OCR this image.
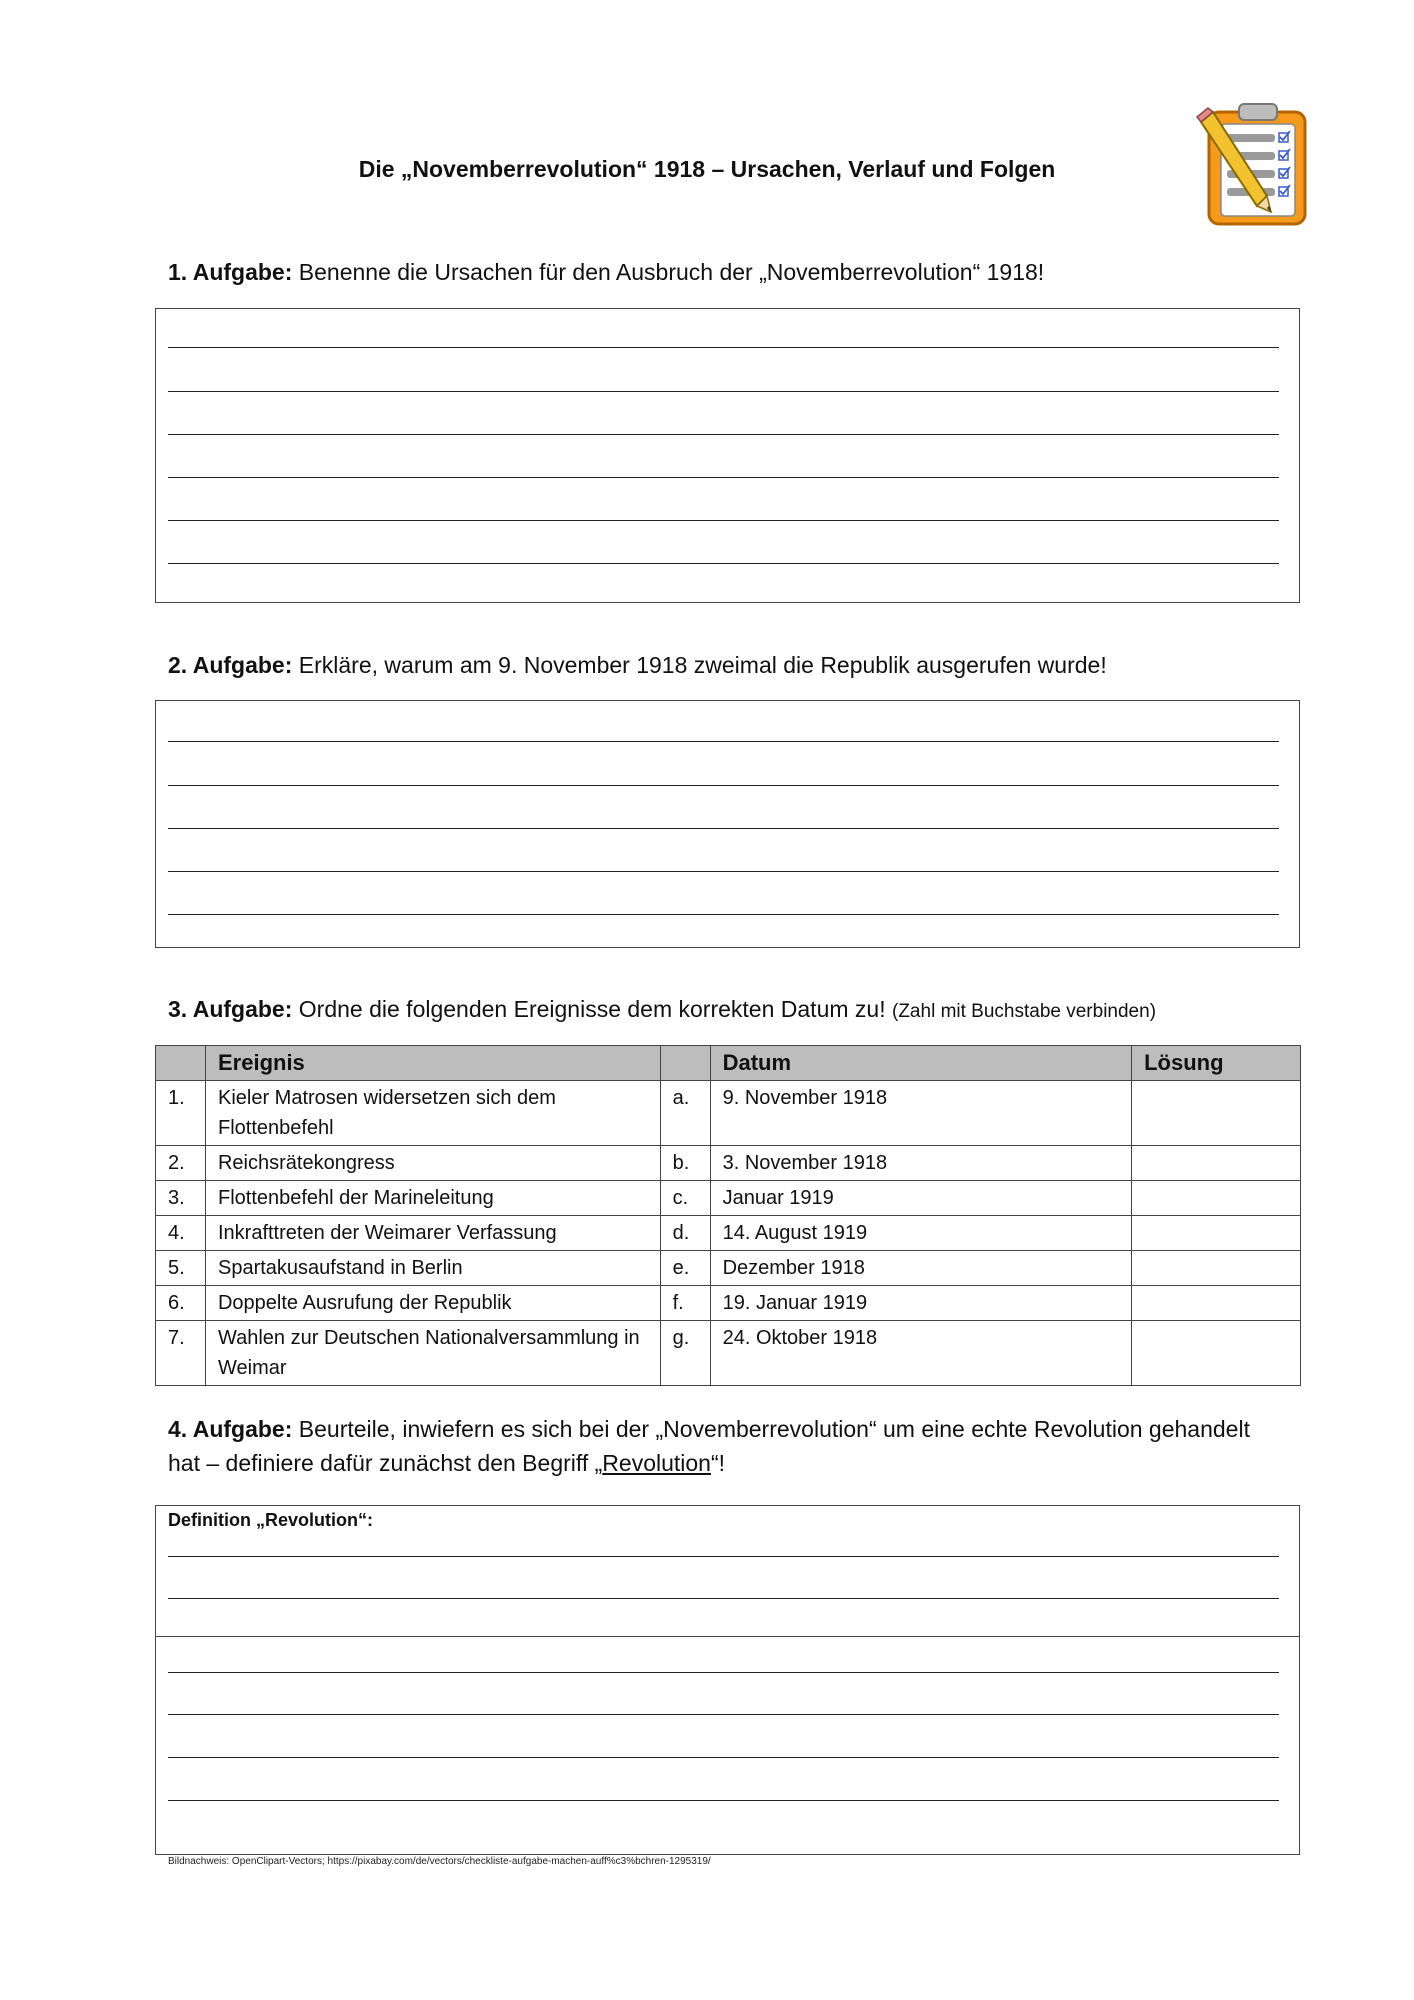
Die „Novemberrevolution“ 1918 – Ursachen, Verlauf und Folgen
1. Aufgabe: Benenne die Ursachen für den Ausbruch der „Novemberrevolution“ 1918!
2. Aufgabe: Erkläre, warum am 9. November 1918 zweimal die Republik ausgerufen wurde!
3. Aufgabe: Ordne die folgenden Ereignisse dem korrekten Datum zu! (Zahl mit Buchstabe verbinden)
	Ereignis		Datum	Lösung
1.	Kieler Matrosen widersetzen sich dem Flottenbefehl	a.	9. November 1918	
2.	Reichsrätekongress	b.	3. November 1918	
3.	Flottenbefehl der Marineleitung	c.	Januar 1919	
4.	Inkrafttreten der Weimarer Verfassung	d.	14. August 1919	
5.	Spartakusaufstand in Berlin	e.	Dezember 1918	
6.	Doppelte Ausrufung der Republik	f.	19. Januar 1919	
7.	Wahlen zur Deutschen Nationalversammlung in Weimar	g.	24. Oktober 1918	
4. Aufgabe: Beurteile, inwiefern es sich bei der „Novemberrevolution“ um eine echte Revolution gehandelt hat – definiere dafür zunächst den Begriff „Revolution“!
Definition „Revolution“:
Bildnachweis: OpenClipart-Vectors; https://pixabay.com/de/vectors/checkliste-aufgabe-machen-auff%c3%bchren-1295319/
